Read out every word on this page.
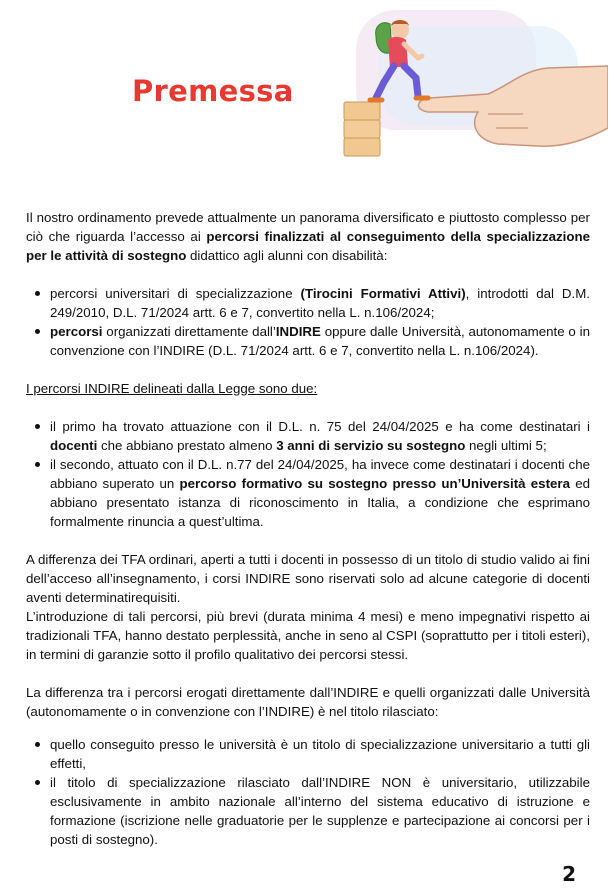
Premessa

Il nostro ordinamento prevede attualmente un panorama diversificato e piuttosto complesso per ciò che riguarda l’accesso ai percorsi finalizzati al conseguimento della specializzazione per le attività di sostegno didattico agli alunni con disabilità:

percorsi universitari di specializzazione (Tirocini Formativi Attivi), introdotti dal D.M. 249/2010, D.L. 71/2024 artt. 6 e 7, convertito nella L. n.106/2024;
percorsi organizzati direttamente dall’INDIRE oppure dalle Università, autonomamente o in convenzione con l’INDIRE (D.L. 71/2024 artt. 6 e 7, convertito nella L. n.106/2024).

I percorsi INDIRE delineati dalla Legge sono due:

il primo ha trovato attuazione con il D.L. n. 75 del 24/04/2025 e ha come destinatari i docenti che abbiano prestato almeno 3 anni di servizio su sostegno negli ultimi 5;
il secondo, attuato con il D.L. n.77 del 24/04/2025, ha invece come destinatari i docenti che abbiano superato un percorso formativo su sostegno presso un’Università estera ed abbiano presentato istanza di riconoscimento in Italia, a condizione che esprimano formalmente rinuncia a quest’ultima.

A differenza dei TFA ordinari, aperti a tutti i docenti in possesso di un titolo di studio valido ai fini dell’acceso all’insegnamento, i corsi INDIRE sono riservati solo ad alcune categorie di docenti aventi determinatirequisiti.

L’introduzione di tali percorsi, più brevi (durata minima 4 mesi) e meno impegnativi rispetto ai tradizionali TFA, hanno destato perplessità, anche in seno al CSPI (soprattutto per i titoli esteri), in termini di garanzie sotto il profilo qualitativo dei percorsi stessi.

La differenza tra i percorsi erogati direttamente dall’INDIRE e quelli organizzati dalle Università (autonomamente o in convenzione con l’INDIRE) è nel titolo rilasciato:

quello conseguito presso le università è un titolo di specializzazione universitario a tutti gli effetti,
il titolo di specializzazione rilasciato dall’INDIRE NON è universitario, utilizzabile esclusivamente in ambito nazionale all’interno del sistema educativo di istruzione e formazione (iscrizione nelle graduatorie per le supplenze e partecipazione ai concorsi per i posti di sostegno).
2
